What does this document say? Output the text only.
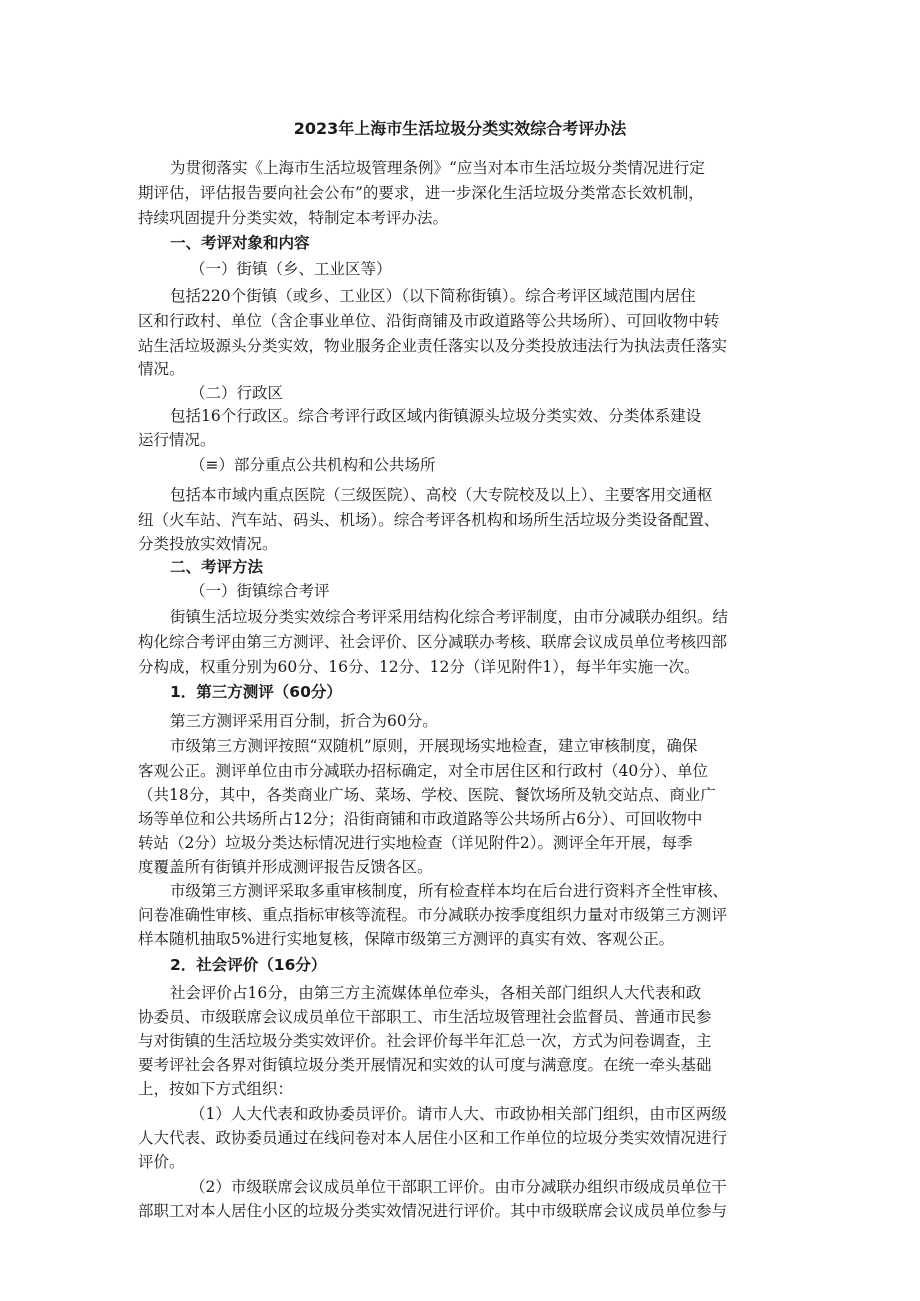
2023年上海市生活垃圾分类实效综合考评办法
为贯彻落实《上海市生活垃圾管理条例》“应当对本市生活垃圾分类情况进行定
期评估，评估报告要向社会公布”的要求，进一步深化生活垃圾分类常态长效机制，
持续巩固提升分类实效，特制定本考评办法。
一、考评对象和内容
（一）街镇（乡、工业区等）
包括220个街镇（或乡、工业区）（以下简称街镇）。综合考评区域范围内居住
区和行政村、单位（含企事业单位、沿街商铺及市政道路等公共场所）、可回收物中转
站生活垃圾源头分类实效，物业服务企业责任落实以及分类投放违法行为执法责任落实
情况。
（二）行政区
包括16个行政区。综合考评行政区域内街镇源头垃圾分类实效、分类体系建设
运行情况。
（≡）部分重点公共机构和公共场所
包括本市域内重点医院（三级医院）、高校（大专院校及以上）、主要客用交通枢
纽（火车站、汽车站、码头、机场）。综合考评各机构和场所生活垃圾分类设备配置、
分类投放实效情况。
二、考评方法
（一）街镇综合考评
街镇生活垃圾分类实效综合考评采用结构化综合考评制度，由市分减联办组织。结
构化综合考评由第三方测评、社会评价、区分减联办考核、联席会议成员单位考核四部
分构成，权重分别为60分、16分、12分、12分（详见附件1），每半年实施一次。
1．第三方测评（60分）
第三方测评采用百分制，折合为60分。
市级第三方测评按照“双随机”原则，开展现场实地检查，建立审核制度，确保
客观公正。测评单位由市分减联办招标确定，对全市居住区和行政村（40分）、单位
（共18分，其中，各类商业广场、菜场、学校、医院、餐饮场所及轨交站点、商业广
场等单位和公共场所占12分；沿街商铺和市政道路等公共场所占6分）、可回收物中
转站（2分）垃圾分类达标情况进行实地检查（详见附件2）。测评全年开展，每季
度覆盖所有街镇并形成测评报告反馈各区。
市级第三方测评采取多重审核制度，所有检查样本均在后台进行资料齐全性审核、
问卷准确性审核、重点指标审核等流程。市分减联办按季度组织力量对市级第三方测评
样本随机抽取5%进行实地复核，保障市级第三方测评的真实有效、客观公正。
2．社会评价（16分）
社会评价占16分，由第三方主流媒体单位牵头，各相关部门组织人大代表和政
协委员、市级联席会议成员单位干部职工、市生活垃圾管理社会监督员、普通市民参
与对街镇的生活垃圾分类实效评价。社会评价每半年汇总一次，方式为问卷调查，主
要考评社会各界对街镇垃圾分类开展情况和实效的认可度与满意度。在统一牵头基础
上，按如下方式组织：
（1）人大代表和政协委员评价。请市人大、市政协相关部门组织，由市区两级
人大代表、政协委员通过在线问卷对本人居住小区和工作单位的垃圾分类实效情况进行
评价。
（2）市级联席会议成员单位干部职工评价。由市分减联办组织市级成员单位干
部职工对本人居住小区的垃圾分类实效情况进行评价。其中市级联席会议成员单位参与
